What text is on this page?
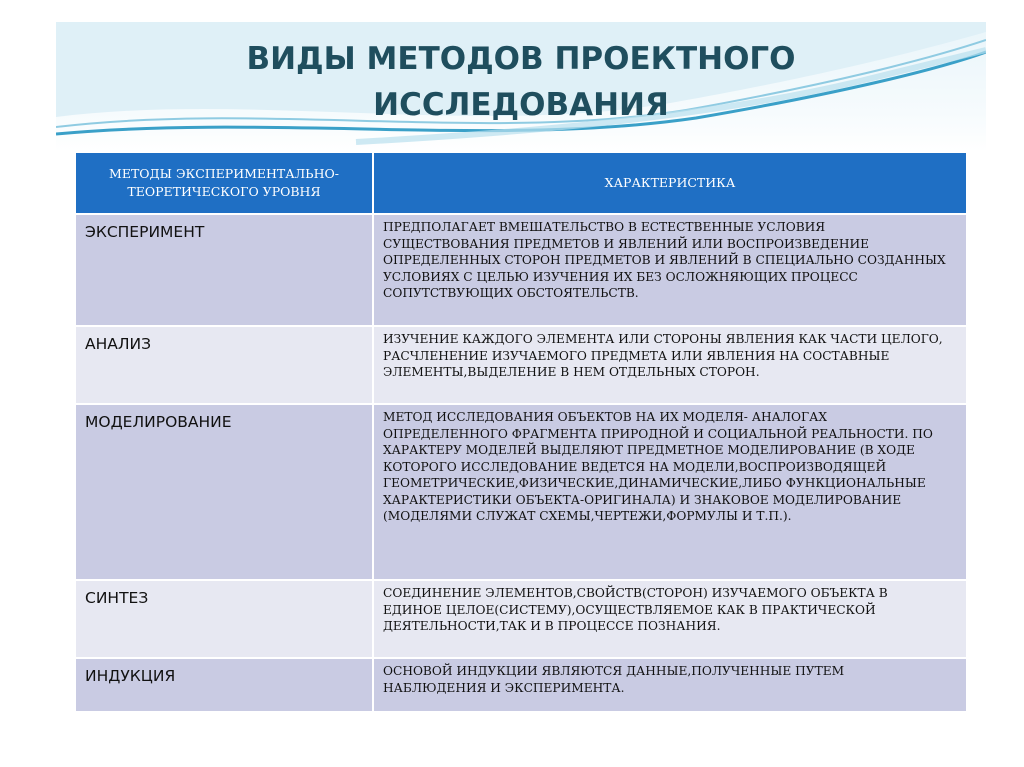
ВИДЫ МЕТОДОВ ПРОЕКТНОГО
ИССЛЕДОВАНИЯ
МЕТОДЫ ЭКСПЕРИМЕНТАЛЬНО-ТЕОРЕТИЧЕСКОГО УРОВНЯ	ХАРАКТЕРИСТИКА
ЭКСПЕРИМЕНТ	ПРЕДПОЛАГАЕТ ВМЕШАТЕЛЬСТВО В ЕСТЕСТВЕННЫЕ УСЛОВИЯ СУЩЕСТВОВАНИЯ ПРЕДМЕТОВ И ЯВЛЕНИЙ ИЛИ ВОСПРОИЗВЕДЕНИЕ ОПРЕДЕЛЕННЫХ СТОРОН ПРЕДМЕТОВ И ЯВЛЕНИЙ В СПЕЦИАЛЬНО СОЗДАННЫХ УСЛОВИЯХ С ЦЕЛЬЮ ИЗУЧЕНИЯ ИХ БЕЗ ОСЛОЖНЯЮЩИХ ПРОЦЕСС СОПУТСТВУЮЩИХ ОБСТОЯТЕЛЬСТВ.
АНАЛИЗ	ИЗУЧЕНИЕ КАЖДОГО ЭЛЕМЕНТА ИЛИ СТОРОНЫ ЯВЛЕНИЯ КАК ЧАСТИ ЦЕЛОГО, РАСЧЛЕНЕНИЕ ИЗУЧАЕМОГО ПРЕДМЕТА ИЛИ ЯВЛЕНИЯ НА СОСТАВНЫЕ ЭЛЕМЕНТЫ,ВЫДЕЛЕНИЕ В НЕМ ОТДЕЛЬНЫХ СТОРОН.
МОДЕЛИРОВАНИЕ	МЕТОД ИССЛЕДОВАНИЯ ОБЪЕКТОВ НА ИХ МОДЕЛЯ- АНАЛОГАХ ОПРЕДЕЛЕННОГО ФРАГМЕНТА ПРИРОДНОЙ И СОЦИАЛЬНОЙ РЕАЛЬНОСТИ. ПО ХАРАКТЕРУ МОДЕЛЕЙ ВЫДЕЛЯЮТ ПРЕДМЕТНОЕ МОДЕЛИРОВАНИЕ (В ХОДЕ КОТОРОГО ИССЛЕДОВАНИЕ ВЕДЕТСЯ НА МОДЕЛИ,ВОСПРОИЗВОДЯЩЕЙ ГЕОМЕТРИЧЕСКИЕ,ФИЗИЧЕСКИЕ,ДИНАМИЧЕСКИЕ,ЛИБО ФУНКЦИОНАЛЬНЫЕ ХАРАКТЕРИСТИКИ ОБЪЕКТА-ОРИГИНАЛА) И ЗНАКОВОЕ МОДЕЛИРОВАНИЕ (МОДЕЛЯМИ СЛУЖАТ СХЕМЫ,ЧЕРТЕЖИ,ФОРМУЛЫ И Т.П.).
СИНТЕЗ	СОЕДИНЕНИЕ ЭЛЕМЕНТОВ,СВОЙСТВ(СТОРОН) ИЗУЧАЕМОГО ОБЪЕКТА В ЕДИНОЕ ЦЕЛОЕ(СИСТЕМУ),ОСУЩЕСТВЛЯЕМОЕ КАК В ПРАКТИЧЕСКОЙ ДЕЯТЕЛЬНОСТИ,ТАК И В ПРОЦЕССЕ ПОЗНАНИЯ.
ИНДУКЦИЯ	ОСНОВОЙ ИНДУКЦИИ ЯВЛЯЮТСЯ ДАННЫЕ,ПОЛУЧЕННЫЕ ПУТЕМ НАБЛЮДЕНИЯ И ЭКСПЕРИМЕНТА.
